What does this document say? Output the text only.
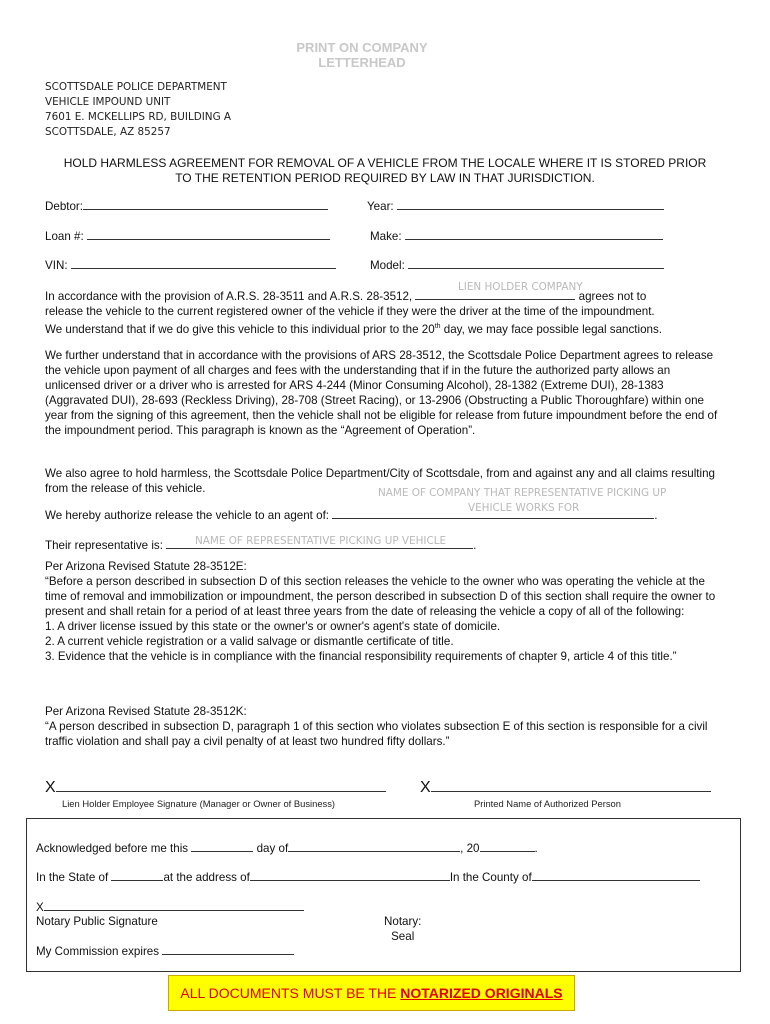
PRINT ON COMPANY
LETTERHEAD
SCOTTSDALE POLICE DEPARTMENT
VEHICLE IMPOUND UNIT
7601 E. MCKELLIPS RD, BUILDING A
SCOTTSDALE, AZ 85257
HOLD HARMLESS AGREEMENT FOR REMOVAL OF A VEHICLE FROM THE LOCALE WHERE IT IS STORED PRIOR
TO THE RETENTION PERIOD REQUIRED BY LAW IN THAT JURISDICTION.
Debtor:	Year:
Loan #:	Make:
VIN:	Model:
LIEN HOLDER COMPANY
In accordance with the provision of A.R.S. 28-3511 and A.R.S. 28-3512,	agrees not to
release the vehicle to the current registered owner of the vehicle if they were the driver at the time of the impoundment.
We understand that if we do give this vehicle to this individual prior to the 20th day, we may face possible legal sanctions.

We further understand that in accordance with the provisions of ARS 28-3512, the Scottsdale Police Department agrees to release the vehicle upon payment of all charges and fees with the understanding that if in the future the authorized party allows an unlicensed driver or a driver who is arrested for ARS 4-244 (Minor Consuming Alcohol), 28-1382 (Extreme DUI), 28-1383 (Aggravated DUI), 28-693 (Reckless Driving), 28-708 (Street Racing), or 13-2906 (Obstructing a Public Thoroughfare) within one year from the signing of this agreement, then the vehicle shall not be eligible for release from future impoundment before the end of the impoundment period. This paragraph is known as the “Agreement of Operation”.

We also agree to hold harmless, the Scottsdale Police Department/City of Scottsdale, from and against any and all claims resulting from the release of this vehicle.	NAME OF COMPANY THAT REPRESENTATIVE PICKING UP
VEHICLE WORKS FOR
We hereby authorize release the vehicle to an agent of:	.
Their representative is:	.
NAME OF REPRESENTATIVE PICKING UP VEHICLE

Per Arizona Revised Statute 28-3512E:

“Before a person described in subsection D of this section releases the vehicle to the owner who was operating the vehicle at the time of removal and immobilization or impoundment, the person described in subsection D of this section shall require the owner to present and shall retain for a period of at least three years from the date of releasing the vehicle a copy of all of the following:

1. A driver license issued by this state or the owner's or owner's agent's state of domicile.

2. A current vehicle registration or a valid salvage or dismantle certificate of title.

3. Evidence that the vehicle is in compliance with the financial responsibility requirements of chapter 9, article 4 of this title.”

Per Arizona Revised Statute 28-3512K:

“A person described in subsection D, paragraph 1 of this section who violates subsection E of this section is responsible for a civil traffic violation and shall pay a civil penalty of at least two hundred fifty dollars.”

X
Lien Holder Employee Signature (Manager or Owner of Business)
X
Printed Name of Authorized Person
Acknowledged before me this	day of	, 20	.
In the State of	at the address of	In the County of
X
Notary Public Signature	Notary:
Seal
My Commission expires
ALL DOCUMENTS MUST BE THE NOTARIZED ORIGINALS
